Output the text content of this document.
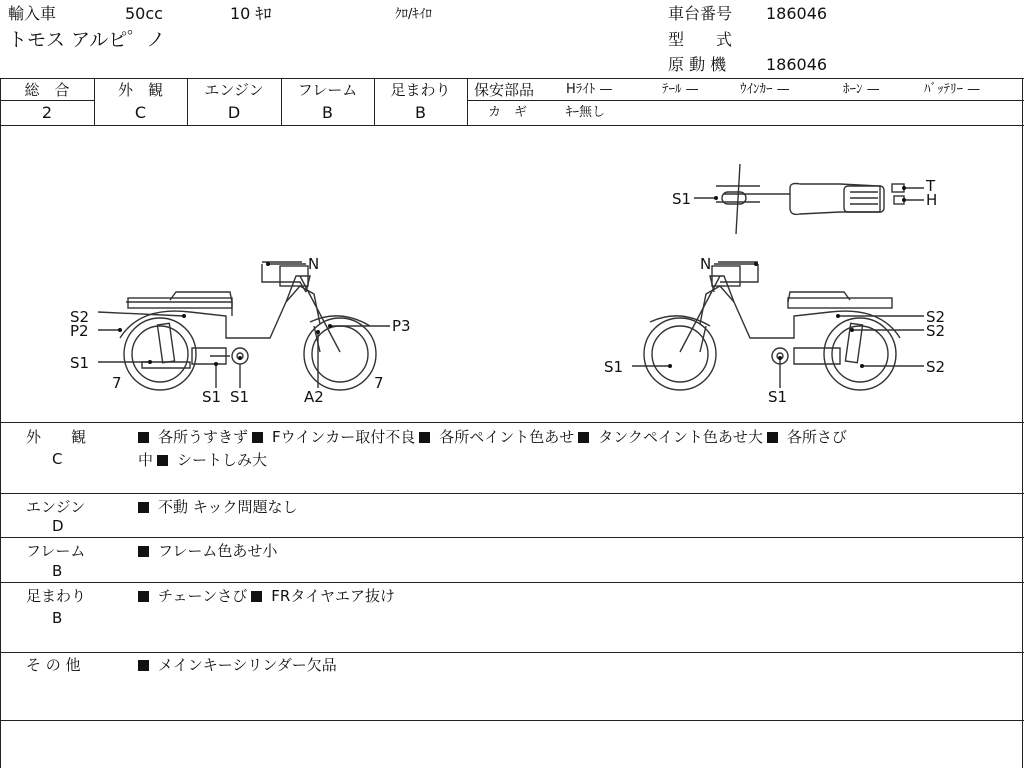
輸入車	50cc	10 ｷﾛ	ｸﾛ/ｷｲﾛ
トモス アルピ゜ノ
車台番号 186046
型　　式
原 動 機 186046
総　合
2
外　観
C
エンジン
D
フレーム
B
足まわり
B
保安部品 Hﾗｲﾄ —	ﾃｰﾙ —	ｳｲﾝｶｰ —	ﾎｰﾝ —	ﾊﾞｯﾃﾘｰ —
カ　ギ	ｷｰ無し
N
S2
P2
S1
7
S1 S1	A2
7
P3
N
S2
S2
S1	S2
S1
S1
T
H
外　　観
C
各所うすきず Fウインカー取付不良 各所ペイント色あせ タンクペイント色あせ大 各所さび
中 シートしみ大
エンジン
D
不動 キック問題なし
フレーム
B
フレーム色あせ小
足まわり
B
チェーンさび FRタイヤエア抜け
そ の 他	メインキーシリンダー欠品
